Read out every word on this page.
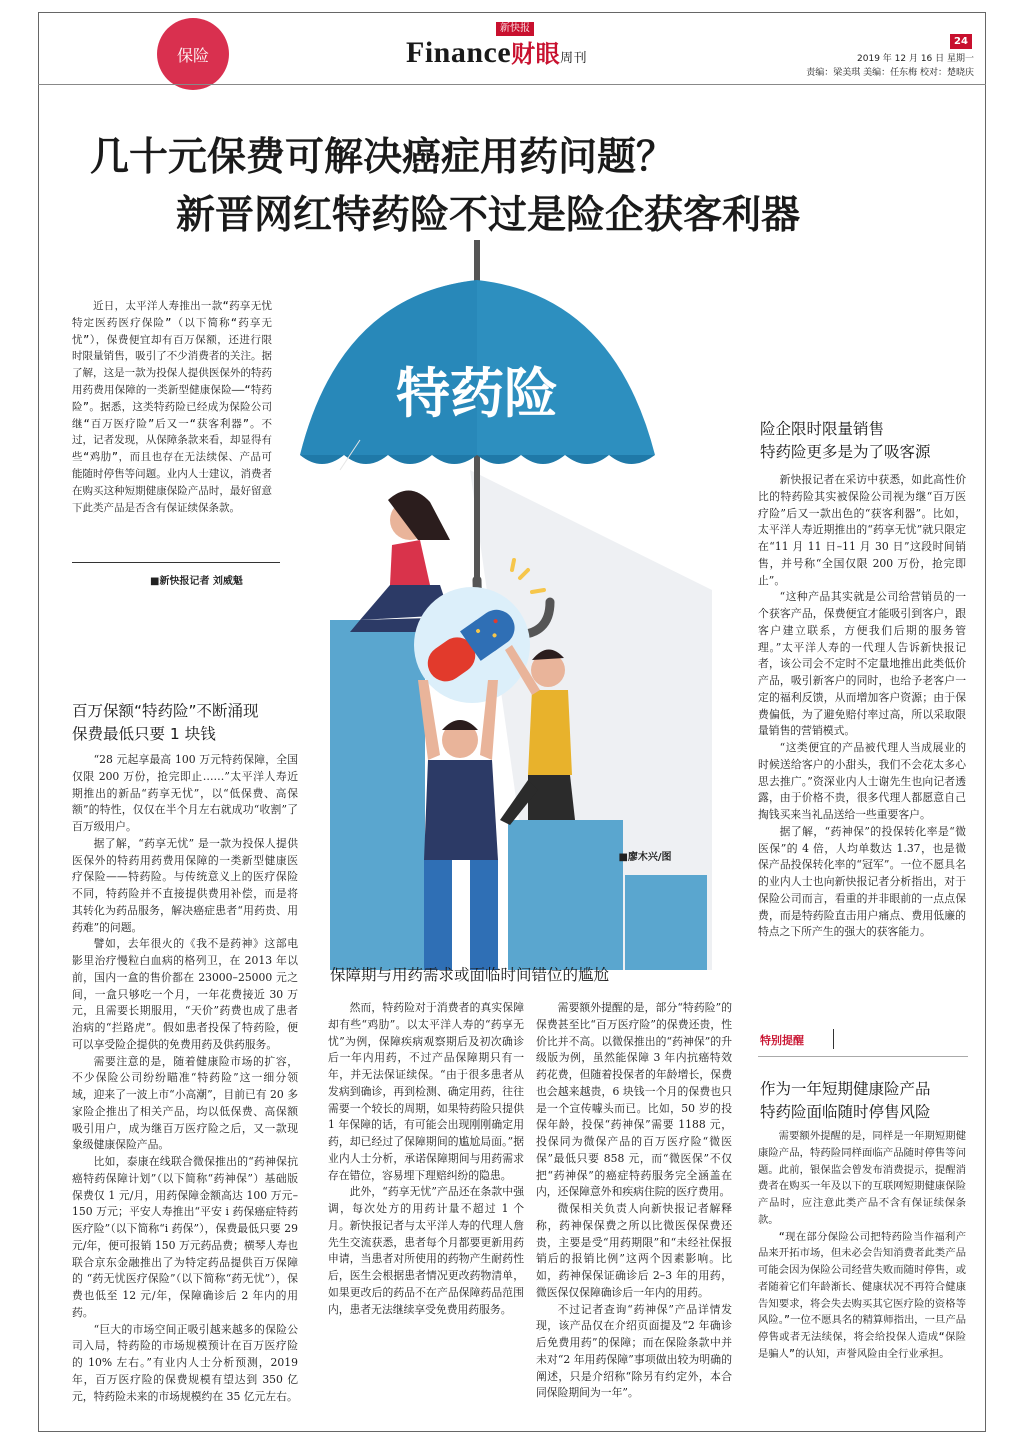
保险
新快报
Finance财眼周刊
24
2019 年 12 月 16 日 星期一
责编：梁美琪 美编：任东梅 校对：楚晓庆
几十元保费可解决癌症用药问题？
新晋网红特药险不过是险企获客利器
特药险
■廖木兴/图
近日，太平洋人寿推出一款“药享无忧特定医药医疗保险”（以下简称“药享无忧”），保费便宜却有百万保额，还进行限时限量销售，吸引了不少消费者的关注。据了解，这是一款为投保人提供医保外的特药用药费用保障的一类新型健康保险——“特药险”。据悉，这类特药险已经成为保险公司继“百万医疗险”后又一“获客利器”。不过，记者发现，从保障条款来看，却显得有些“鸡肋”，而且也存在无法续保、产品可能随时停售等问题。业内人士建议，消费者在购买这种短期健康保险产品时，最好留意下此类产品是否含有保证续保条款。
■新快报记者 刘威魁
百万保额“特药险”不断涌现
保费最低只要 1 块钱

“28 元起享最高 100 万元特药保障，全国仅限 200 万份，抢完即止……”太平洋人寿近期推出的新品“药享无忧”，以“低保费、高保额”的特性，仅仅在半个月左右就成功“收割”了百万级用户。

据了解，“药享无忧” 是一款为投保人提供医保外的特药用药费用保障的一类新型健康医疗保险——特药险。与传统意义上的医疗保险不同，特药险并不直接提供费用补偿，而是将其转化为药品服务，解决癌症患者“用药贵、用药难”的问题。

譬如，去年很火的《我不是药神》这部电影里治疗慢粒白血病的格列卫，在 2013 年以前，国内一盒的售价都在 23000–25000 元之间，一盒只够吃一个月，一年花费接近 30 万元，且需要长期服用，“天价”药费也成了患者治病的“拦路虎”。假如患者投保了特药险，便可以享受险企提供的免费用药及供药服务。

需要注意的是，随着健康险市场的扩容，不少保险公司纷纷瞄准“特药险”这一细分领域，迎来了一波上市“小高潮”，目前已有 20 多家险企推出了相关产品，均以低保费、高保额吸引用户，成为继百万医疗险之后，又一款现象级健康保险产品。

比如，泰康在线联合微保推出的“药神保抗癌特药保障计划”（以下简称“药神保”）基础版保费仅 1 元/月，用药保障金额高达 100 万元–150 万元；平安人寿推出“平安 i 药保癌症特药医疗险”（以下简称“i 药保”），保费最低只要 29 元/年，便可报销 150 万元药品费；横琴人寿也联合京东金融推出了为特定药品提供百万保障的 “药无忧医疗保险”（以下简称“药无忧”），保费也低至 12 元/年，保障确诊后 2 年内的用药。

“巨大的市场空间正吸引越来越多的保险公司入局，特药险的市场规模预计在百万医疗险的 10% 左右。”有业内人士分析预测，2019 年，百万医疗险的保费规模有望达到 350 亿元，特药险未来的市场规模约在 35 亿元左右。

保障期与用药需求或面临时间错位的尴尬

然而，特药险对于消费者的真实保障却有些“鸡肋”。以太平洋人寿的“药享无忧”为例，保障疾病观察期后及初次确诊后一年内用药，不过产品保障期只有一年，并无法保证续保。“由于很多患者从发病到确诊，再到检测、确定用药，往往需要一个较长的周期，如果特药险只提供 1 年保障的话，有可能会出现刚刚确定用药，却已经过了保障期间的尴尬局面。”据业内人士分析，承诺保障期间与用药需求存在错位，容易埋下理赔纠纷的隐患。

此外，“药享无忧”产品还在条款中强调，每次处方的用药计量不超过 1 个月。新快报记者与太平洋人寿的代理人詹先生交流获悉，患者每个月都要更新用药申请，当患者对所使用的药物产生耐药性后，医生会根据患者情况更改药物清单，如果更改后的药品不在产品保障药品范围内，患者无法继续享受免费用药服务。

需要额外提醒的是，部分“特药险”的保费甚至比“百万医疗险”的保费还贵，性价比并不高。以微保推出的“药神保”的升级版为例，虽然能保障 3 年内抗癌特效药花费，但随着投保者的年龄增长，保费也会越来越贵，6 块钱一个月的保费也只是一个宣传噱头而已。比如，50 岁的投保年龄，投保“药神保”需要 1188 元，投保同为微保产品的百万医疗险“微医保”最低只要 858 元，而“微医保”不仅把“药神保”的癌症特药服务完全涵盖在内，还保障意外和疾病住院的医疗费用。

微保相关负责人向新快报记者解释称，药神保保费之所以比微医保保费还贵，主要是受“用药期限”和“未经社保报销后的报销比例”这两个因素影响。比如，药神保保证确诊后 2–3 年的用药，微医保仅保障确诊后一年内的用药。

不过记者查询“药神保”产品详情发现，该产品仅在介绍页面提及“2 年确诊后免费用药”的保障；而在保险条款中并未对“2 年用药保障”事项做出较为明确的阐述，只是介绍称“除另有约定外，本合同保险期间为一年”。

险企限时限量销售
特药险更多是为了吸客源

新快报记者在采访中获悉，如此高性价比的特药险其实被保险公司视为继“百万医疗险”后又一款出色的“获客利器”。比如，太平洋人寿近期推出的“药享无忧”就只限定在“11 月 11 日–11 月 30 日”这段时间销售，并号称“全国仅限 200 万份，抢完即止”。

“这种产品其实就是公司给营销员的一个获客产品，保费便宜才能吸引到客户，跟客户建立联系，方便我们后期的服务管理。”太平洋人寿的一代理人告诉新快报记者，该公司会不定时不定量地推出此类低价产品，吸引新客户的同时，也给予老客户一定的福利反馈，从而增加客户资源；由于保费偏低，为了避免赔付率过高，所以采取限量销售的营销模式。

“这类便宜的产品被代理人当成展业的时候送给客户的小甜头，我们不会花太多心思去推广。”资深业内人士谢先生也向记者透露，由于价格不贵，很多代理人都愿意自己掏钱买来当礼品送给一些重要客户。

据了解，“药神保”的投保转化率是“微医保”的 4 倍，人均单数达 1.37，也是微保产品投保转化率的“冠军”。一位不愿具名的业内人士也向新快报记者分析指出，对于保险公司而言，看重的并非眼前的一点点保费，而是特药险直击用户痛点、费用低廉的特点之下所产生的强大的获客能力。

特别提醒
作为一年短期健康险产品
特药险面临随时停售风险

需要额外提醒的是，同样是一年期短期健康险产品，特药险同样面临产品随时停售等问题。此前，银保监会曾发布消费提示，提醒消费者在购买一年及以下的互联网短期健康保险产品时，应注意此类产品不含有保证续保条款。

“现在部分保险公司把特药险当作福利产品来开拓市场，但未必会告知消费者此类产品可能会因为保险公司经营失败而随时停售，或者随着它们年龄渐长、健康状况不再符合健康告知要求，将会失去购买其它医疗险的资格等风险。”一位不愿具名的精算师指出，一旦产品停售或者无法续保，将会给投保人造成“保险是骗人”的认知，声誉风险由全行业承担。
